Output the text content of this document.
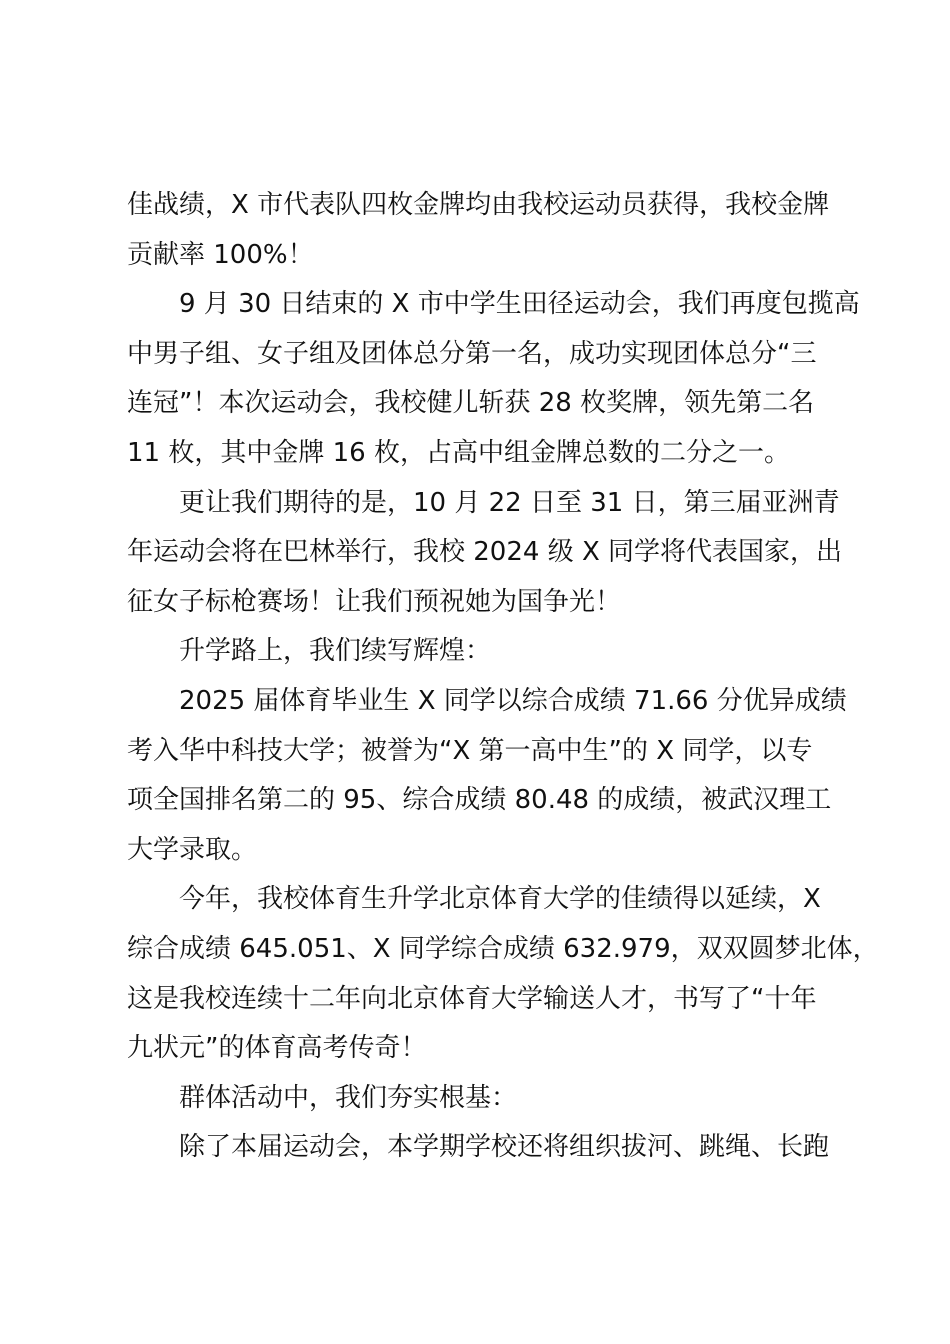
佳战绩，X 市代表队四枚金牌均由我校运动员获得，我校金牌
贡献率 100%！

9 月 30 日结束的 X 市中学生田径运动会，我们再度包揽高
中男子组、女子组及团体总分第一名，成功实现团体总分“三
连冠”！本次运动会，我校健儿斩获 28 枚奖牌，领先第二名
11 枚，其中金牌 16 枚，占高中组金牌总数的二分之一。

更让我们期待的是，10 月 22 日至 31 日，第三届亚洲青
年运动会将在巴林举行，我校 2024 级 X 同学将代表国家，出
征女子标枪赛场！让我们预祝她为国争光！

升学路上，我们续写辉煌：

2025 届体育毕业生 X 同学以综合成绩 71.66 分优异成绩
考入华中科技大学；被誉为“X 第一高中生”的 X 同学，以专
项全国排名第二的 95、综合成绩 80.48 的成绩，被武汉理工
大学录取。

今年，我校体育生升学北京体育大学的佳绩得以延续，X
综合成绩 645.051、X 同学综合成绩 632.979，双双圆梦北体，
这是我校连续十二年向北京体育大学输送人才，书写了“十年
九状元”的体育高考传奇！

群体活动中，我们夯实根基：

除了本届运动会，本学期学校还将组织拔河、跳绳、长跑
